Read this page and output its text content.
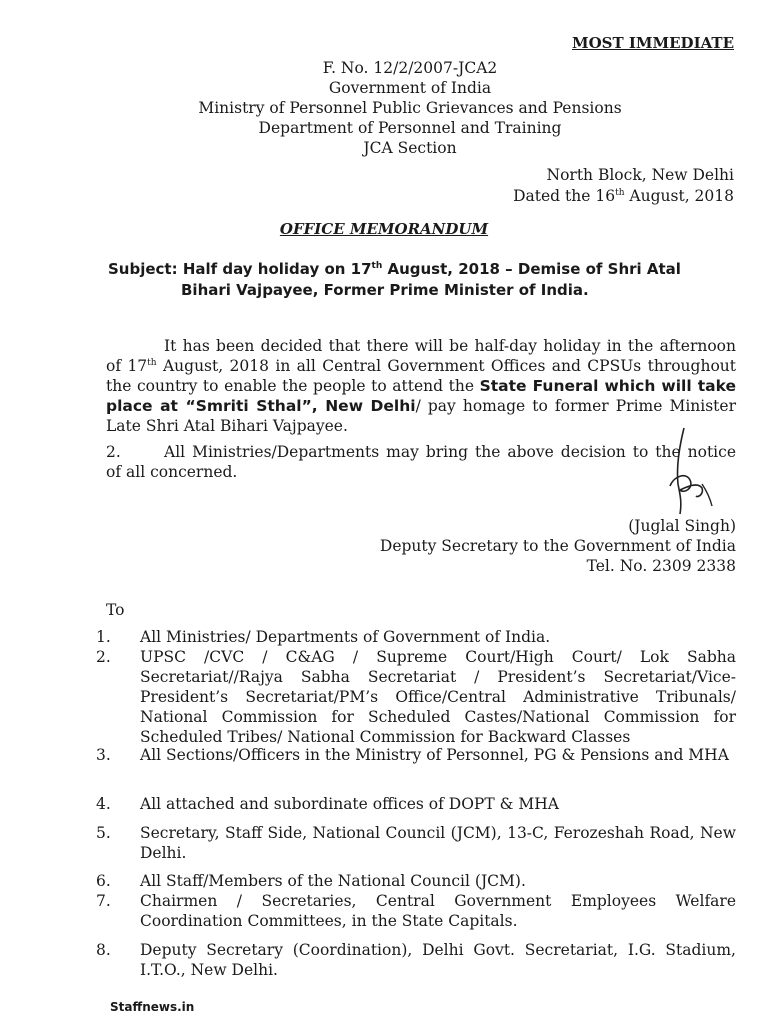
MOST IMMEDIATE
F. No. 12/2/2007-JCA2
Government of India
Ministry of Personnel Public Grievances and Pensions
Department of Personnel and Training
JCA Section
North Block, New Delhi
Dated the 16th August, 2018
OFFICE MEMORANDUM
Subject: Half day holiday on 17th August, 2018 – Demise of Shri Atal
Bihari Vajpayee, Former Prime Minister of India.
It has been decided that there will be half-day holiday in the afternoon of 17th August, 2018 in all Central Government Offices and CPSUs throughout the country to enable the people to attend the State Funeral which will take place at “Smriti Sthal”, New Delhi/ pay homage to former Prime Minister Late Shri Atal Bihari Vajpayee.
2.	All Ministries/Departments may bring the above decision to the notice of all concerned.
(Juglal Singh)
Deputy Secretary to the Government of India
Tel. No. 2309 2338
To
1.	All Ministries/ Departments of Government of India.
2.	UPSC /CVC / C&AG / Supreme Court/High Court/ Lok Sabha Secretariat//Rajya Sabha Secretariat / President’s Secretariat/Vice-President’s Secretariat/PM’s Office/Central Administrative Tribunals/ National Commission for Scheduled Castes/National Commission for Scheduled Tribes/ National Commission for Backward Classes
3.	All Sections/Officers in the Ministry of Personnel, PG & Pensions and MHA
4.	All attached and subordinate offices of DOPT & MHA
5.	Secretary, Staff Side, National Council (JCM), 13-C, Ferozeshah Road, New Delhi.
6.	All Staff/Members of the National Council (JCM).
7.	Chairmen / Secretaries, Central Government Employees Welfare Coordination Committees, in the State Capitals.
8.	Deputy Secretary (Coordination), Delhi Govt. Secretariat, I.G. Stadium, I.T.O., New Delhi.
Staffnews.in
